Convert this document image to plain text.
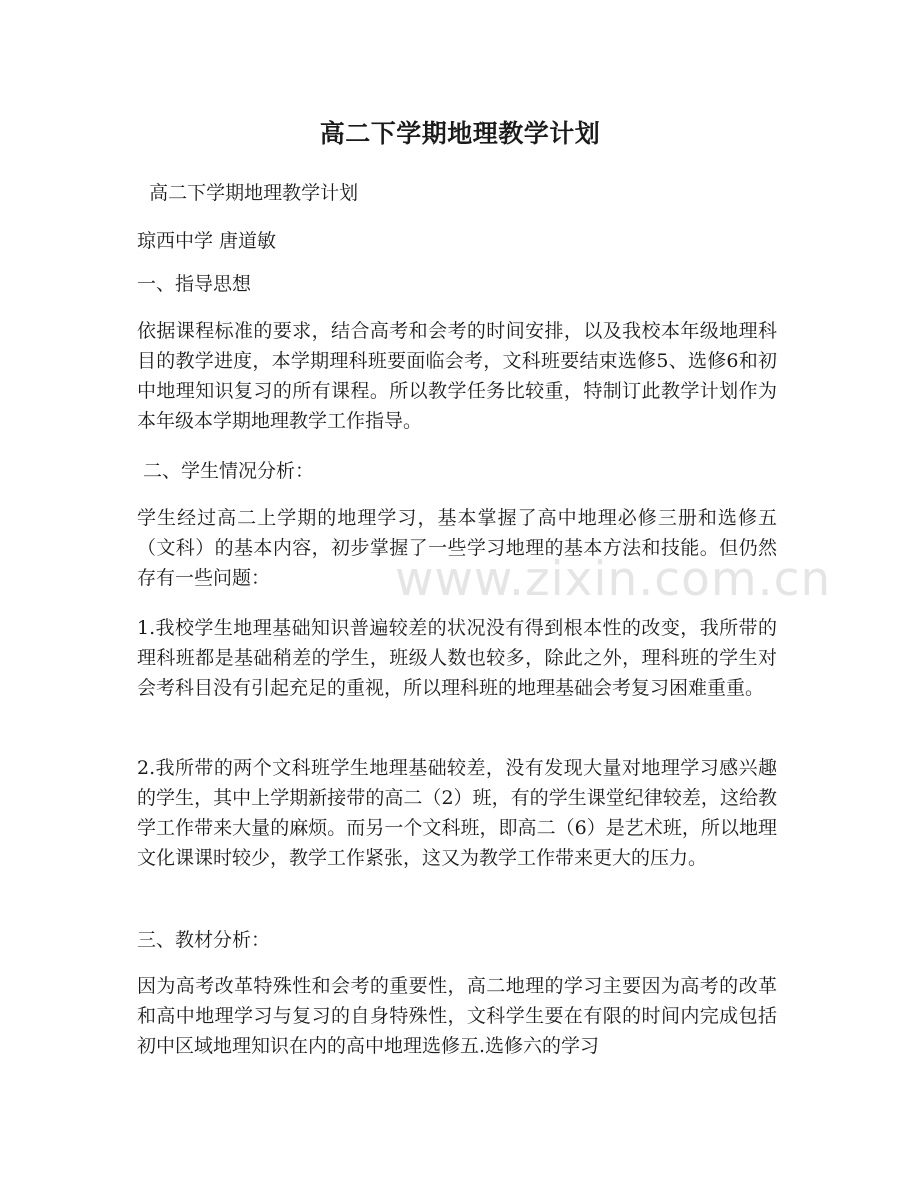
高二下学期地理教学计划
高二下学期地理教学计划
琼西中学 唐道敏
一、指导思想
依据课程标准的要求，结合高考和会考的时间安排，以及我校本年级地理科目的教学进度，本学期理科班要面临会考，文科班要结束选修5、选修6和初中地理知识复习的所有课程。所以教学任务比较重，特制订此教学计划作为本年级本学期地理教学工作指导。
二、学生情况分析：
学生经过高二上学期的地理学习，基本掌握了高中地理必修三册和选修五（文科）的基本内容，初步掌握了一些学习地理的基本方法和技能。但仍然存有一些问题：
1.我校学生地理基础知识普遍较差的状况没有得到根本性的改变，我所带的理科班都是基础稍差的学生，班级人数也较多，除此之外，理科班的学生对会考科目没有引起充足的重视，所以理科班的地理基础会考复习困难重重。
2.我所带的两个文科班学生地理基础较差，没有发现大量对地理学习感兴趣的学生，其中上学期新接带的高二（2）班，有的学生课堂纪律较差，这给教学工作带来大量的麻烦。而另一个文科班，即高二（6）是艺术班，所以地理文化课课时较少，教学工作紧张，这又为教学工作带来更大的压力。
三、教材分析：
因为高考改革特殊性和会考的重要性，高二地理的学习主要因为高考的改革和高中地理学习与复习的自身特殊性，文科学生要在有限的时间内完成包括初中区域地理知识在内的高中地理选修五.选修六的学习
www.zixin.com.cn
